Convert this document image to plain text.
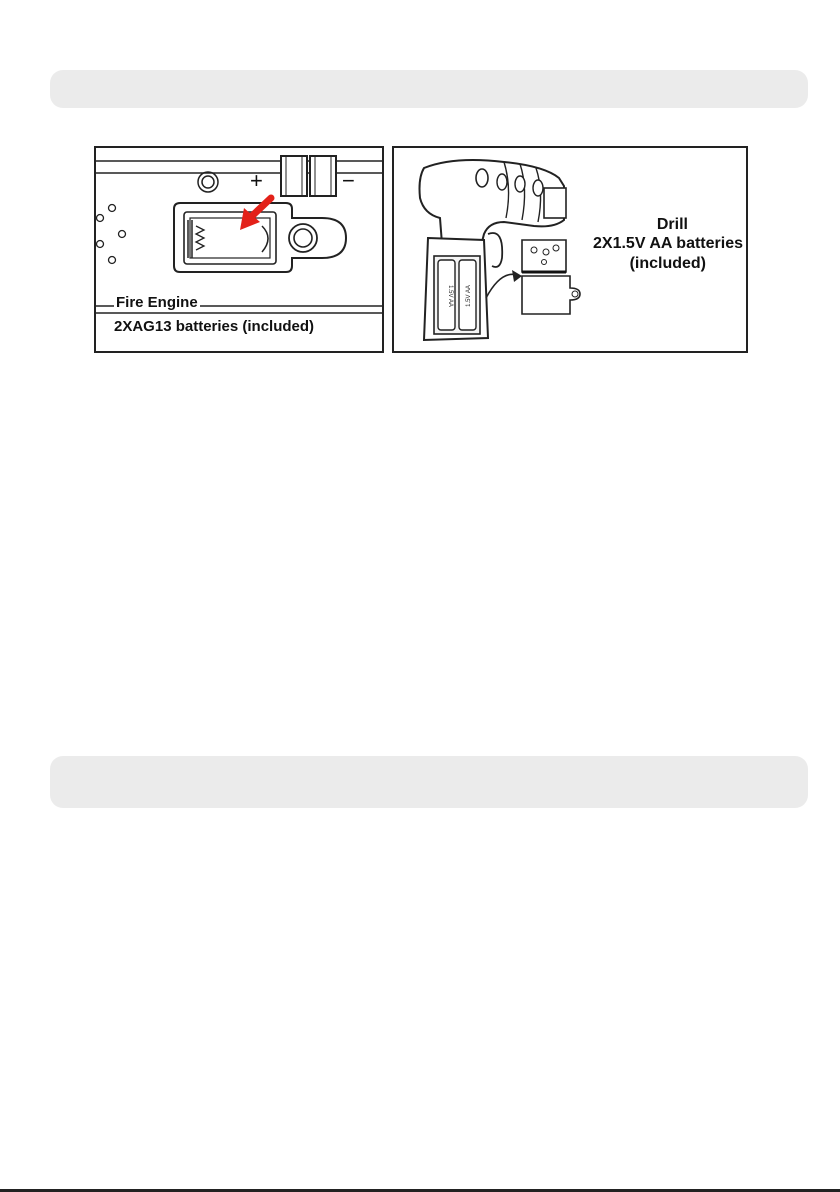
+	−
Fire Engine
2XAG13 batteries (included)
1.5V AA 1.5V AA
Drill
2X1.5V AA batteries
(included)
